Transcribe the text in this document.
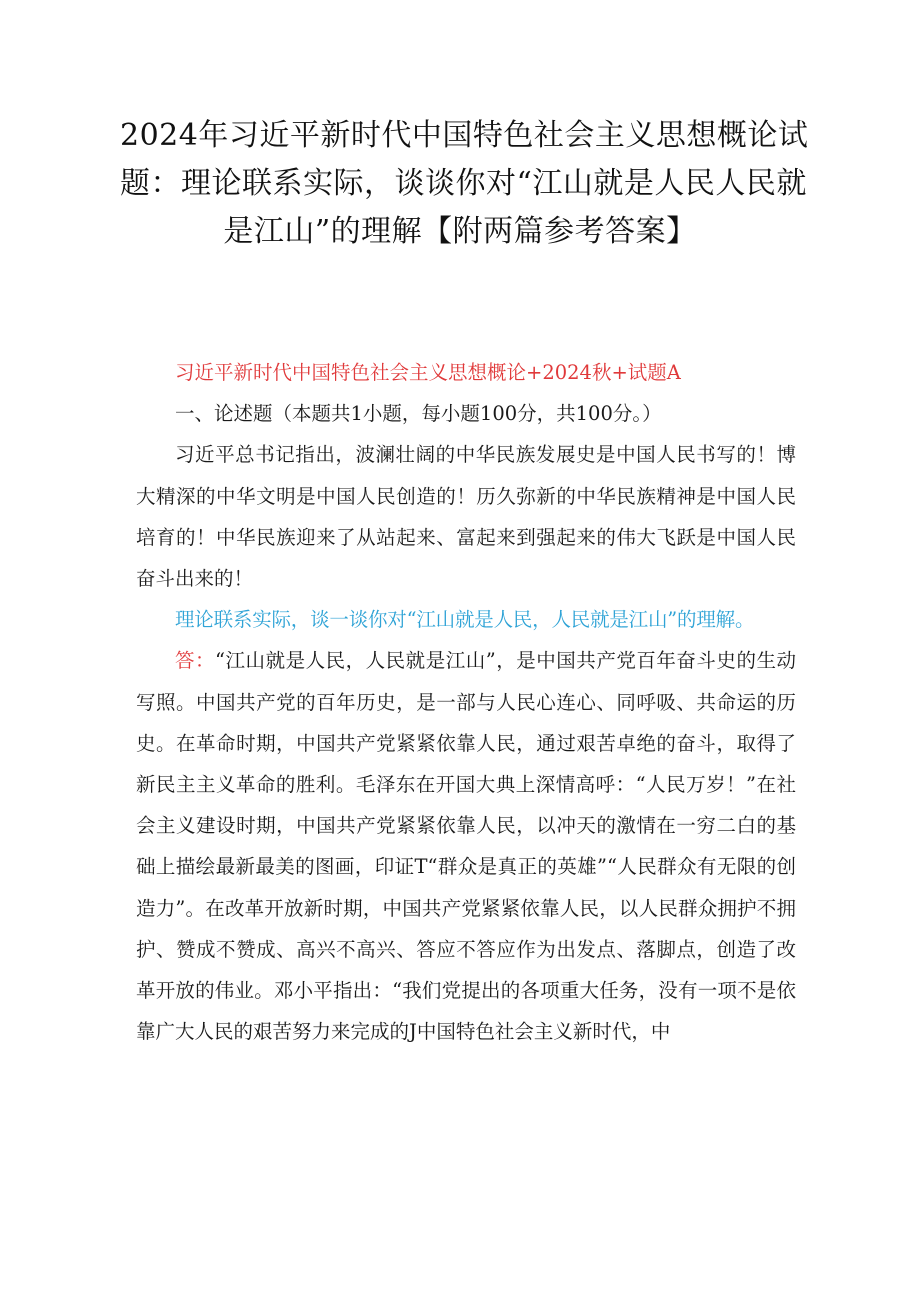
2024年习近平新时代中国特色社会主义思想概论试
题：理论联系实际，谈谈你对“江山就是人民人民就
是江山”的理解【附两篇参考答案】

习近平新时代中国特色社会主义思想概论+2024秋+试题A

一、论述题（本题共1小题，每小题100分，共100分。）

习近平总书记指出，波澜壮阔的中华民族发展史是中国人民书写的！博大精深的中华文明是中国人民创造的！历久弥新的中华民族精神是中国人民培育的！中华民族迎来了从站起来、富起来到强起来的伟大飞跃是中国人民奋斗出来的！

理论联系实际，谈一谈你对“江山就是人民，人民就是江山”的理解。

答：“江山就是人民，人民就是江山”，是中国共产党百年奋斗史的生动写照。中国共产党的百年历史，是一部与人民心连心、同呼吸、共命运的历史。在革命时期，中国共产党紧紧依靠人民，通过艰苦卓绝的奋斗，取得了新民主主义革命的胜利。毛泽东在开国大典上深情高呼：“人民万岁！”在社会主义建设时期，中国共产党紧紧依靠人民，以冲天的激情在一穷二白的基础上描绘最新最美的图画，印证T“群众是真正的英雄”“人民群众有无限的创造力”。在改革开放新时期，中国共产党紧紧依靠人民，以人民群众拥护不拥护、赞成不赞成、高兴不高兴、答应不答应作为出发点、落脚点，创造了改革开放的伟业。邓小平指出：“我们党提出的各项重大任务，没有一项不是依靠广大人民的艰苦努力来完成的J中国特色社会主义新时代，中
